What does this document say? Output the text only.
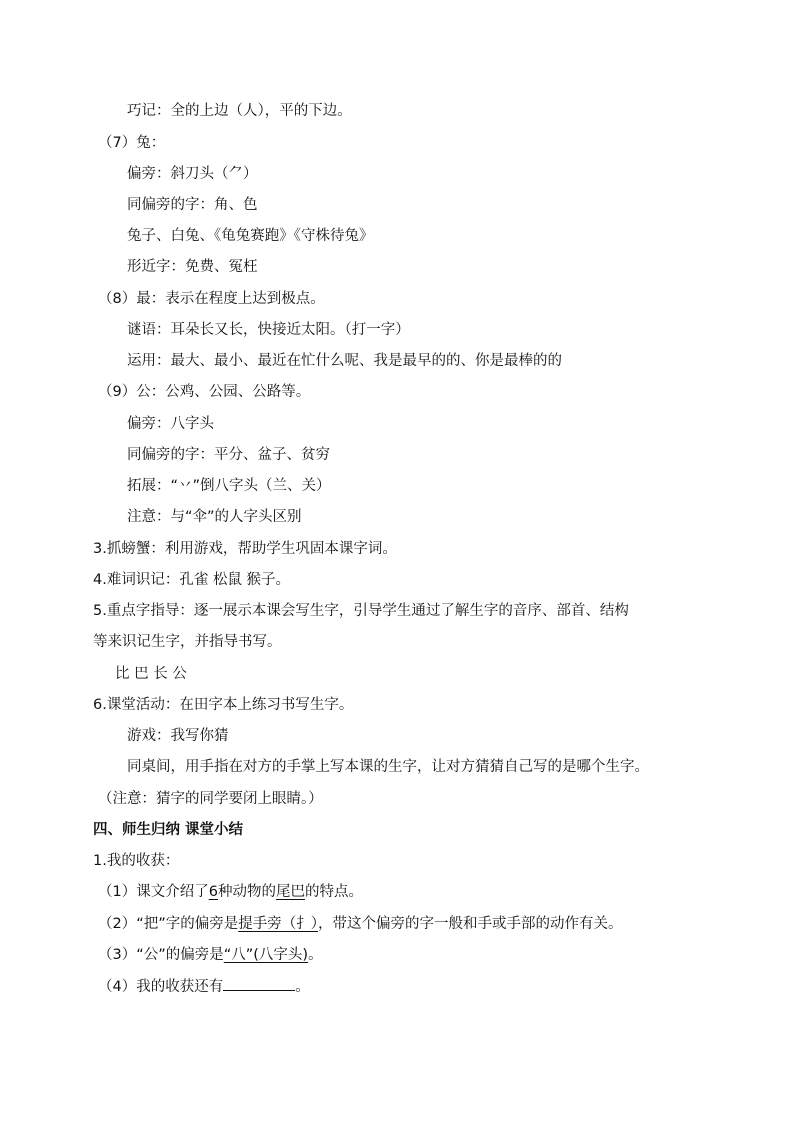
巧记：全的上边（人），平的下边。
（7）兔：
偏旁：斜刀头（⺈）
同偏旁的字：角、色
兔子、白兔、《龟兔赛跑》《守株待兔》
形近字：免费、冤枉
（8）最：表示在程度上达到极点。
谜语：耳朵长又长，快接近太阳。（打一字）
运用：最大、最小、最近在忙什么呢、我是最早的的、你是最棒的的
（9）公：公鸡、公园、公路等。
偏旁：八字头
同偏旁的字：平分、盆子、贫穷
拓展：“丷”倒八字头（兰、关）
注意：与“伞”的人字头区别
3.抓螃蟹：利用游戏，帮助学生巩固本课字词。
4.难词识记：孔雀 松鼠 猴子。
5.重点字指导：逐一展示本课会写生字，引导学生通过了解生字的音序、部首、结构
等来识记生字，并指导书写。
比 巴 长 公
6.课堂活动：在田字本上练习书写生字。
游戏：我写你猜
同桌间，用手指在对方的手掌上写本课的生字，让对方猜猜自己写的是哪个生字。
（注意：猜字的同学要闭上眼睛。）
四、师生归纳 课堂小结
1.我的收获：
（1）课文介绍了6种动物的尾巴的特点。
（2）“把”字的偏旁是提手旁（扌），带这个偏旁的字一般和手或手部的动作有关。
（3）“公”的偏旁是“八”(八字头)。
（4）我的收获还有	。
